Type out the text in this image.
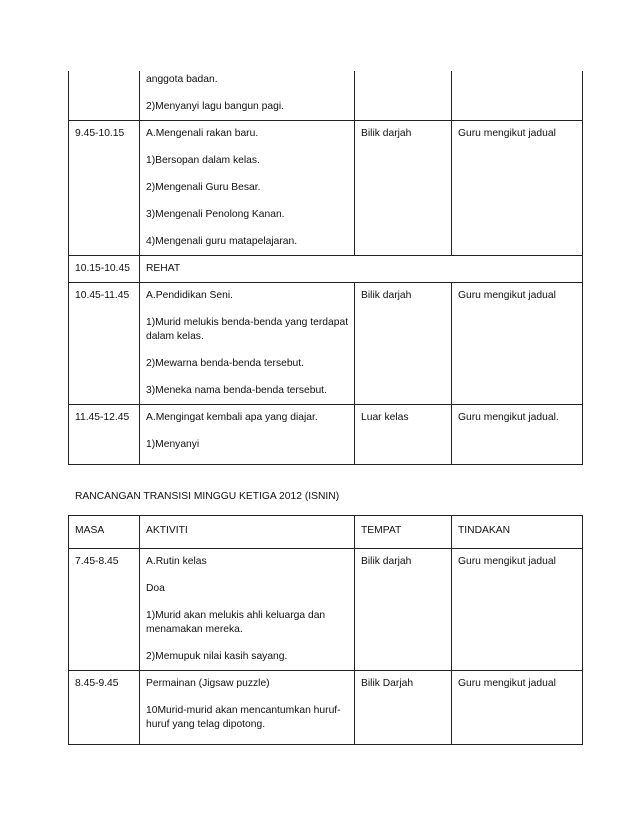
	anggota badan.

2)Menyanyi lagu bangun pagi.		

9.45-10.15	A.Mengenali rakan baru.

1)Bersopan dalam kelas.

2)Mengenali Guru Besar.

3)Mengenali Penolong Kanan.

4)Mengenali guru matapelajaran.	Bilik darjah	Guru mengikut jadual
10.15-10.45	REHAT		

10.45-11.45	A.Pendidikan Seni.

1)Murid melukis benda-benda yang terdapat dalam kelas.

2)Mewarna benda-benda tersebut.

3)Meneka nama benda-benda tersebut.	Bilik darjah	Guru mengikut jadual
11.45-12.45	A.Mengingat kembali apa yang diajar.

1)Menyanyi	Luar kelas	Guru mengikut jadual.

RANCANGAN TRANSISI MINGGU KETIGA 2012 (ISNIN)

MASA	AKTIVITI	TEMPAT	TINDAKAN
7.45-8.45	A.Rutin kelas

Doa

1)Murid akan melukis ahli keluarga dan menamakan mereka.

2)Memupuk nilai kasih sayang.	Bilik darjah	Guru mengikut jadual
8.45-9.45	Permainan (Jigsaw puzzle)

10Murid-murid akan mencantumkan huruf-huruf yang telag dipotong.	Bilik Darjah	Guru mengikut jadual
